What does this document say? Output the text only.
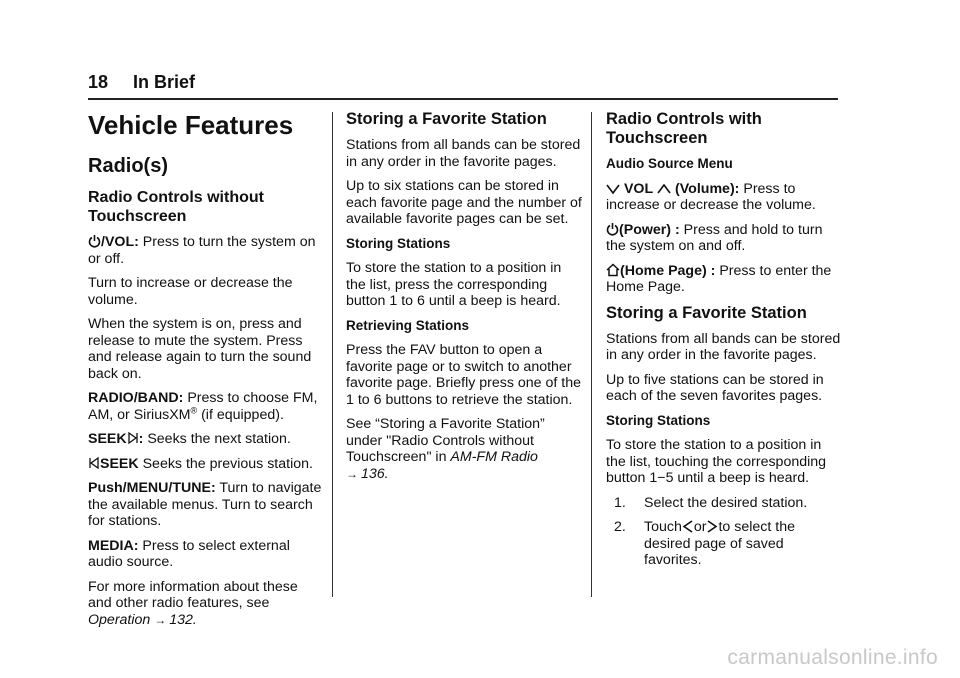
18 In Brief
Vehicle Features
Radio(s)
Radio Controls without Touchscreen

/VOL: Press to turn the system on or off.

Turn to increase or decrease the volume.

When the system is on, press and release to mute the system. Press and release again to turn the sound back on.

RADIO/BAND: Press to choose FM, AM, or SiriusXM® (if equipped).

SEEK : Seeks the next station.

SEEK Seeks the previous station.

Push/MENU/TUNE: Turn to navigate the available menus. Turn to search for stations.

MEDIA: Press to select external audio source.

For more information about these and other radio features, see Operation → 132.

Storing a Favorite Station

Stations from all bands can be stored in any order in the favorite pages.

Up to six stations can be stored in each favorite page and the number of available favorite pages can be set.

Storing Stations

To store the station to a position in the list, press the corresponding button 1 to 6 until a beep is heard.

Retrieving Stations

Press the FAV button to open a favorite page or to switch to another favorite page. Briefly press one of the 1 to 6 buttons to retrieve the station.

See “Storing a Favorite Station” under "Radio Controls without Touchscreen" in AM-FM Radio
→ 136.

Radio Controls with Touchscreen

Audio Source Menu

VOL (Volume): Press to increase or decrease the volume.

(Power) : Press and hold to turn the system on and off.

(Home Page) : Press to enter the Home Page.

Storing a Favorite Station

Stations from all bands can be stored in any order in the favorite pages.

Up to five stations can be stored in each of the seven favorites pages.

Storing Stations

To store the station to a position in the list, touching the corresponding button 1−5 until a beep is heard.

1.	Select the desired station.
2.	Touch or to select the desired page of saved favorites.
carmanualsonline.info
